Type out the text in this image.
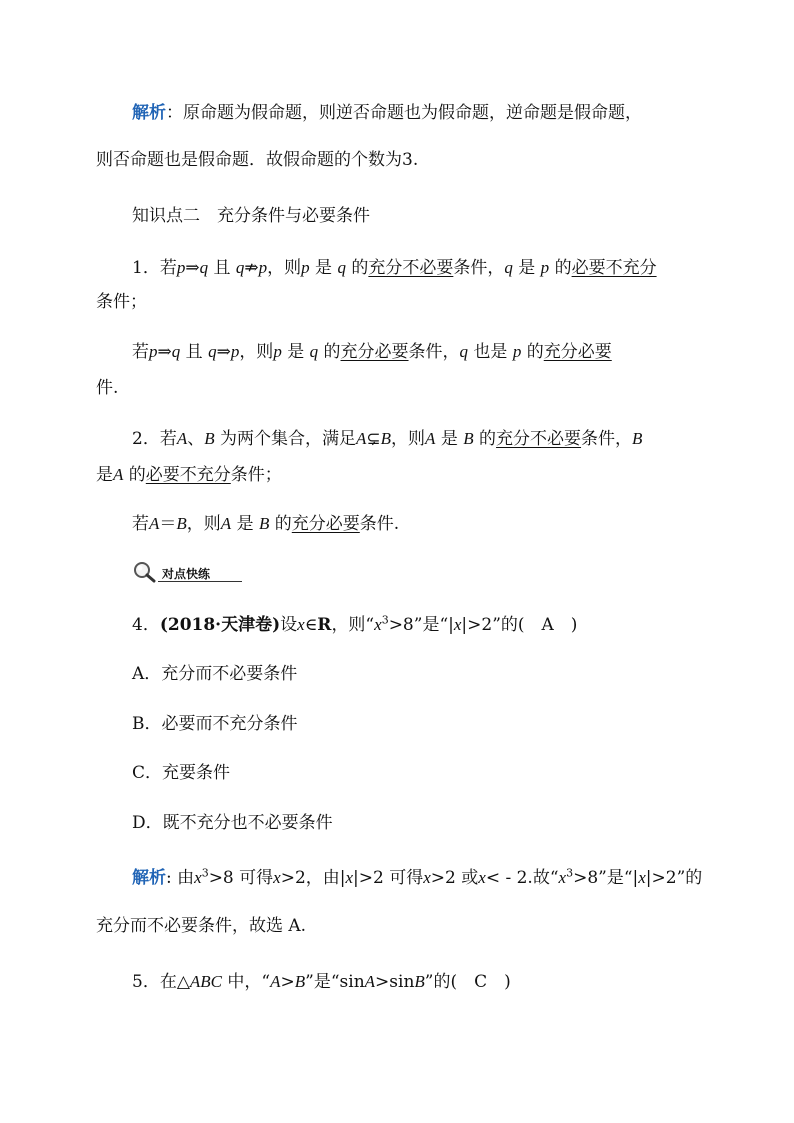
解析：原命题为假命题，则逆否命题也为假命题，逆命题是假命题，
则否命题也是假命题．故假命题的个数为3.
知识点二　充分条件与必要条件
1．若p⇒q 且 q⇏p，则p 是 q 的充分不必要条件，q 是 p 的必要不充分
条件；
若p⇒q 且 q⇒p，则p 是 q 的充分必要条件，q 也是 p 的充分必要
件.
2．若A、B 为两个集合，满足A⊊B，则A 是 B 的充分不必要条件，B
是A 的必要不充分条件；
若A＝B，则A 是 B 的充分必要条件.
对点快练
4．(2018·天津卷)设x∈R，则“$x^3>8$”是“|x|>2”的(　A　)
A．充分而不必要条件
B．必要而不充分条件
C．充要条件
D．既不充分也不必要条件
解析: 由$x^3>8$ 可得x>2，由|x|>2 可得x>2 或x< - 2.故“$x^3>8$”是“|x|>2”的
充分而不必要条件，故选 A.
5．在△ABC 中，“A>B”是“sinA>sinB”的(　C　)
